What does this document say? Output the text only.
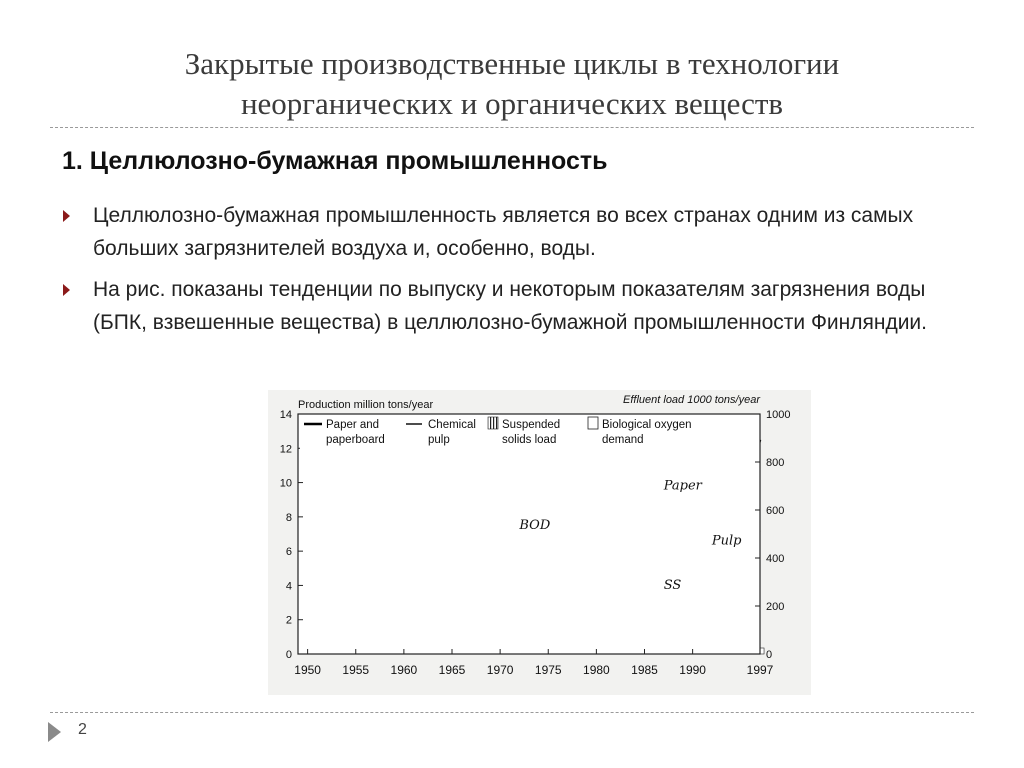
Закрытые производственные циклы в технологии
неорганических и органических веществ
1. Целлюлозно-бумажная промышленность
Целлюлозно-бумажная промышленность является во всех странах одним из самых больших загрязнителей воздуха и, особенно, воды.
На рис. показаны тенденции по выпуску и некоторым показателям загрязнения воды (БПК, взвешенные вещества) в целлюлозно-бумажной промышленности Финляндии.
0
2
4
6
8
10
12
14
0
200
400
600
800
1000
1950 1955 1960 1965 1970 1975 1980 1985 1990	1997
Production million tons/year	Effluent load 1000 tons/year
Paper and
paperboard
Chemical
pulp
Suspended
solids load
Biological oxygen
demand
Paper
Pulp
BOD
SS
2
